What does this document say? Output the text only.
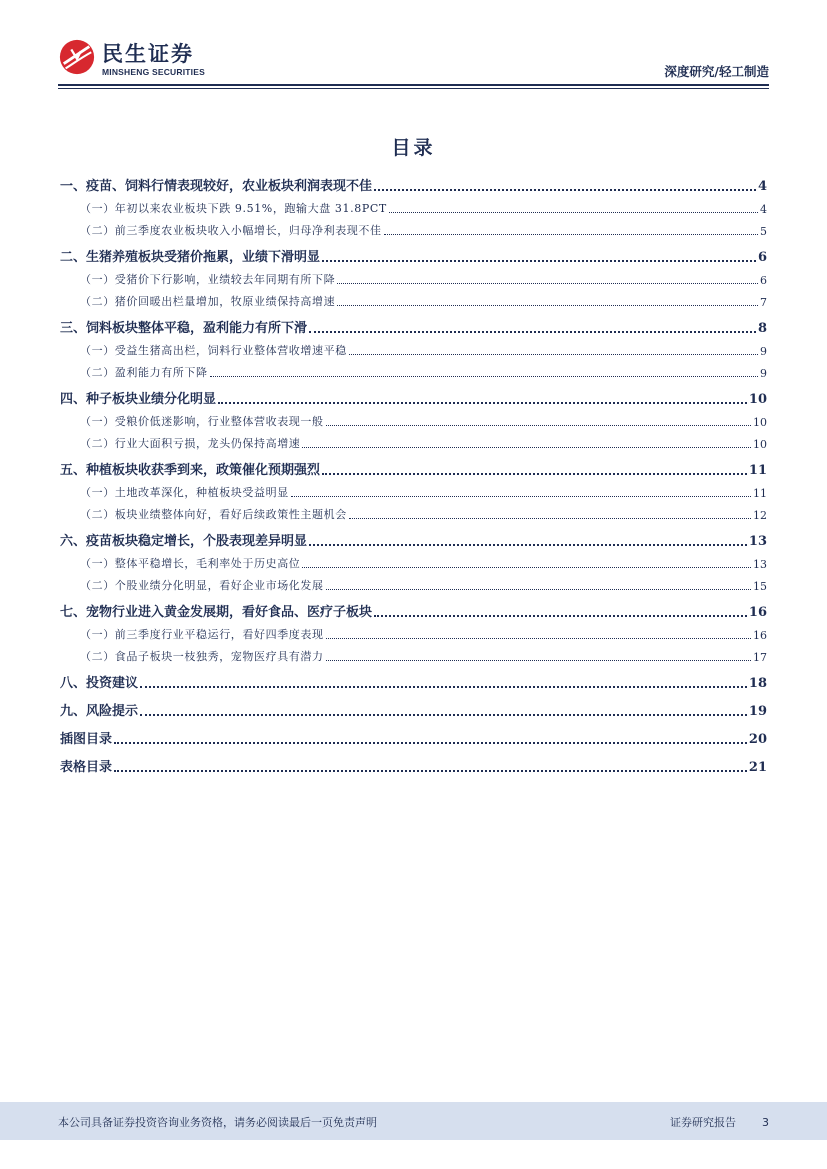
民生证券
MINSHENG SECURITIES	深度研究/轻工制造
目录
一、疫苗、饲料行情表现较好，农业板块利润表现不佳	4
（一）年初以来农业板块下跌 9.51%，跑输大盘 31.8PCT	4
（二）前三季度农业板块收入小幅增长，归母净利表现不佳	5
二、生猪养殖板块受猪价拖累，业绩下滑明显	6
（一）受猪价下行影响，业绩较去年同期有所下降	6
（二）猪价回暖出栏量增加，牧原业绩保持高增速	7
三、饲料板块整体平稳，盈利能力有所下滑	8
（一）受益生猪高出栏，饲料行业整体营收增速平稳	9
（二）盈利能力有所下降	9
四、种子板块业绩分化明显	10
（一）受粮价低迷影响，行业整体营收表现一般	10
（二）行业大面积亏损，龙头仍保持高增速	10
五、种植板块收获季到来，政策催化预期强烈	11
（一）土地改革深化，种植板块受益明显	11
（二）板块业绩整体向好，看好后续政策性主题机会	12
六、疫苗板块稳定增长，个股表现差异明显	13
（一）整体平稳增长，毛利率处于历史高位	13
（二）个股业绩分化明显，看好企业市场化发展	15
七、宠物行业进入黄金发展期，看好食品、医疗子板块	16
（一）前三季度行业平稳运行，看好四季度表现	16
（二）食品子板块一枝独秀，宠物医疗具有潜力	17
八、投资建议	18
九、风险提示	19
插图目录	20
表格目录	21
本公司具备证券投资咨询业务资格，请务必阅读最后一页免责声明	证券研究报告 3
